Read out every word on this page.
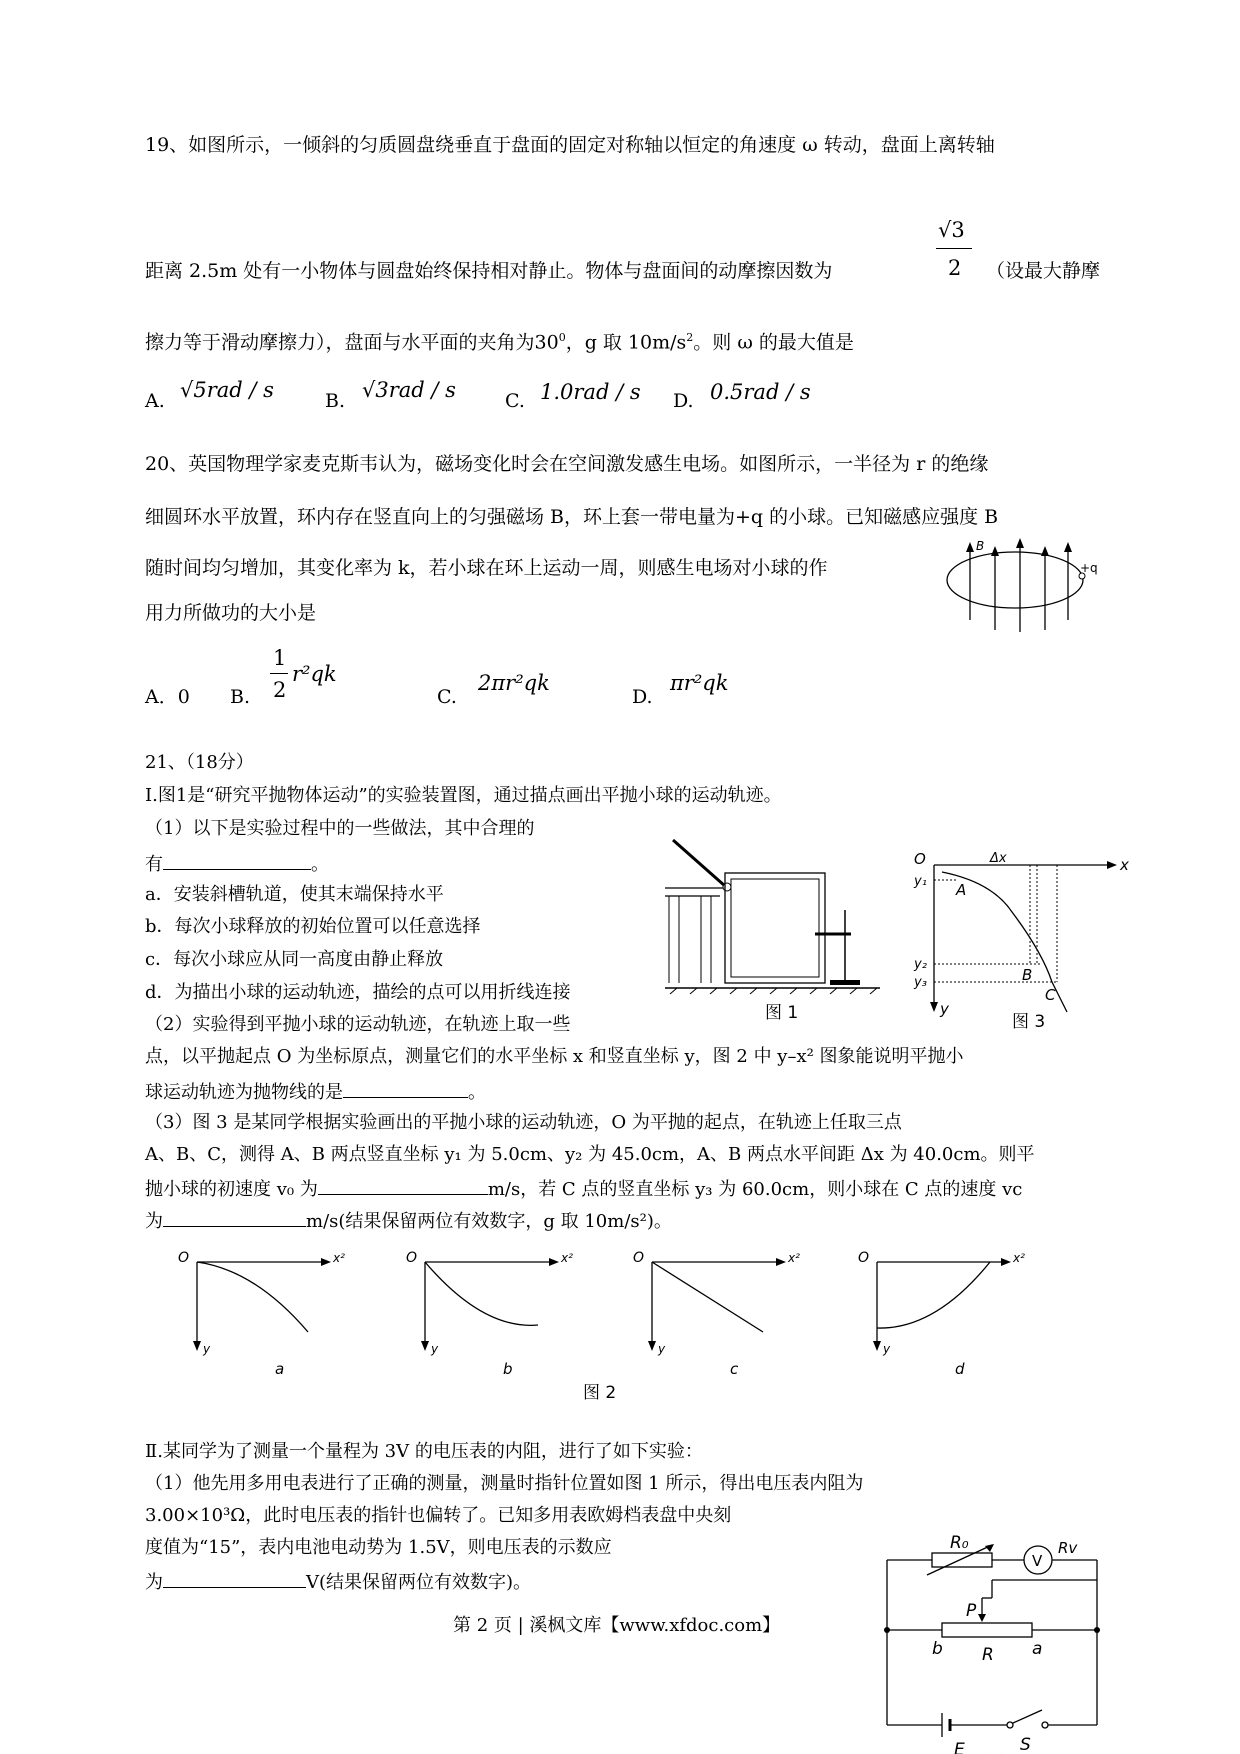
19、如图所示，一倾斜的匀质圆盘绕垂直于盘面的固定对称轴以恒定的角速度 ω 转动，盘面上离转轴
距离 2.5m 处有一小物体与圆盘始终保持相对静止。物体与盘面间的动摩擦因数为
√3
2 （设最大静摩
擦力等于滑动摩擦力），盘面与水平面的夹角为$30^0$，g 取 $10m/s^2$。则 ω 的最大值是
A. √5rad / s	B. √3rad / s	C. 1.0rad / s D. 0.5rad / s
20、英国物理学家麦克斯韦认为，磁场变化时会在空间激发感生电场。如图所示，一半径为 r 的绝缘
细圆环水平放置，环内存在竖直向上的匀强磁场 B，环上套一带电量为+q 的小球。已知磁感应强度 B
随时间均匀增加，其变化率为 k，若小球在环上运动一周，则感生电场对小球的作
用力所做功的大小是
B
+q
A．0 B.
1
2
r²qk
C.
2πr²qk
D.
πr²qk
21、（18分）
I.图1是“研究平抛物体运动”的实验装置图，通过描点画出平抛小球的运动轨迹。
（1）以下是实验过程中的一些做法，其中合理的
有	。
a．安装斜槽轨道，使其末端保持水平
b．每次小球释放的初始位置可以任意选择
c．每次小球应从同一高度由静止释放
d．为描出小球的运动轨迹，描绘的点可以用折线连接
（2）实验得到平抛小球的运动轨迹，在轨迹上取一些
点，以平抛起点 O 为坐标原点，测量它们的水平坐标 x 和竖直坐标 y，图 2 中 y–x² 图象能说明平抛小
球运动轨迹为抛物线的是	。
（3）图 3 是某同学根据实验画出的平抛小球的运动轨迹，O 为平抛的起点，在轨迹上任取三点
A、B、C，测得 A、B 两点竖直坐标 y₁ 为 5.0cm、y₂ 为 45.0cm，A、B 两点水平间距 Δx 为 40.0cm。则平
抛小球的初速度 v₀ 为	m/s，若 C 点的竖直坐标 y₃ 为 60.0cm，则小球在 C 点的速度 vc
为	m/s(结果保留两位有效数字，g 取 10m/s²)。
图 1
O	Δx	x
y
y₁
y₂
y₃
A
B
C
图 3
O	x²
y
a
O	x²
y
b
O	x²
y
c
O	x²
y
d
图 2
Ⅱ.某同学为了测量一个量程为 3V 的电压表的内阻，进行了如下实验：
（1）他先用多用电表进行了正确的测量，测量时指针位置如图 1 所示，得出电压表内阻为
3.00×10³Ω，此时电压表的指针也偏转了。已知多用表欧姆档表盘中央刻
度值为“15”，表内电池电动势为 1.5V，则电压表的示数应
为	V(结果保留两位有效数字)。
R₀
V
Rv
P
b R a
E	S
第 2 页 | 溪枫文库【www.xfdoc.com】
